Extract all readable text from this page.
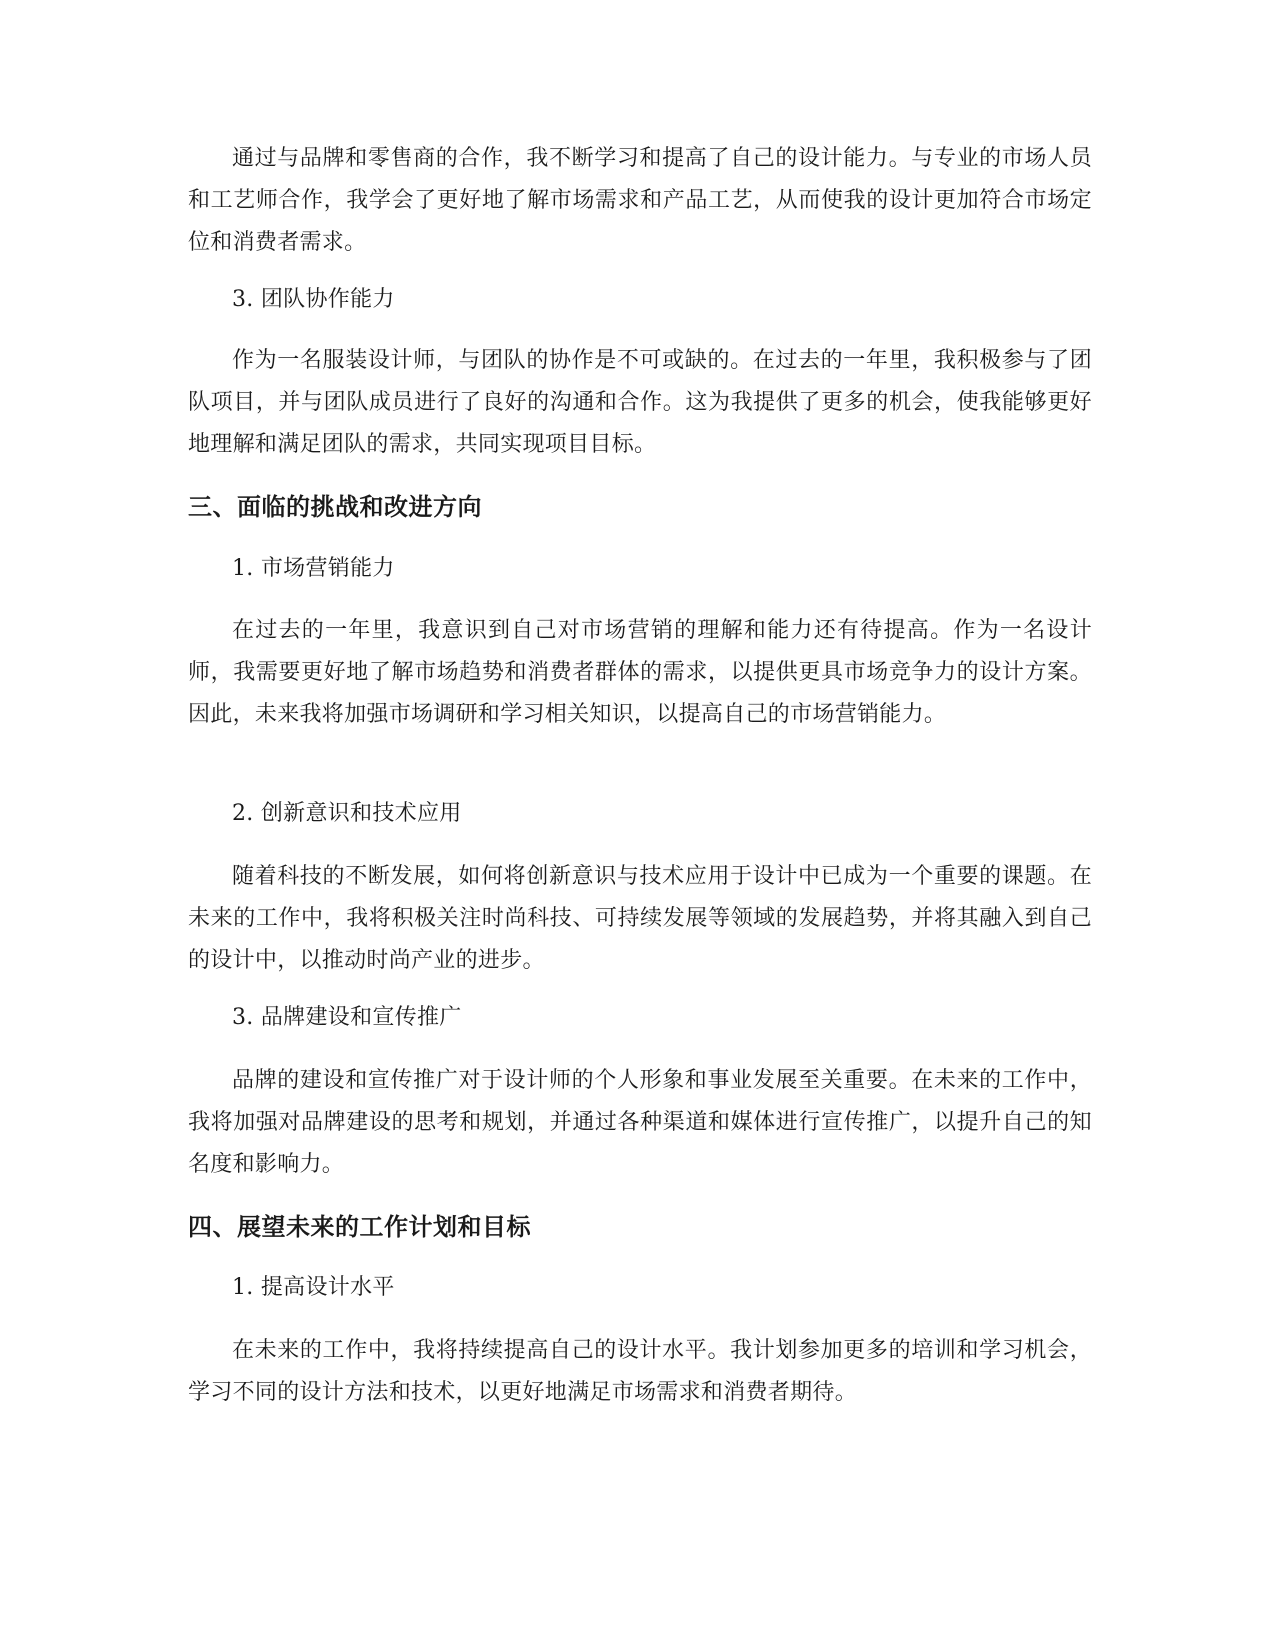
通过与品牌和零售商的合作，我不断学习和提高了自己的设计能力。与专业的市场人员和工艺师合作，我学会了更好地了解市场需求和产品工艺，从而使我的设计更加符合市场定位和消费者需求。

3. 团队协作能力

作为一名服装设计师，与团队的协作是不可或缺的。在过去的一年里，我积极参与了团队项目，并与团队成员进行了良好的沟通和合作。这为我提供了更多的机会，使我能够更好地理解和满足团队的需求，共同实现项目目标。

三、面临的挑战和改进方向

1. 市场营销能力

在过去的一年里，我意识到自己对市场营销的理解和能力还有待提高。作为一名设计师，我需要更好地了解市场趋势和消费者群体的需求，以提供更具市场竞争力的设计方案。因此，未来我将加强市场调研和学习相关知识，以提高自己的市场营销能力。

2. 创新意识和技术应用

随着科技的不断发展，如何将创新意识与技术应用于设计中已成为一个重要的课题。在未来的工作中，我将积极关注时尚科技、可持续发展等领域的发展趋势，并将其融入到自己的设计中，以推动时尚产业的进步。

3. 品牌建设和宣传推广

品牌的建设和宣传推广对于设计师的个人形象和事业发展至关重要。在未来的工作中，我将加强对品牌建设的思考和规划，并通过各种渠道和媒体进行宣传推广，以提升自己的知名度和影响力。

四、展望未来的工作计划和目标

1. 提高设计水平

在未来的工作中，我将持续提高自己的设计水平。我计划参加更多的培训和学习机会，学习不同的设计方法和技术，以更好地满足市场需求和消费者期待。
